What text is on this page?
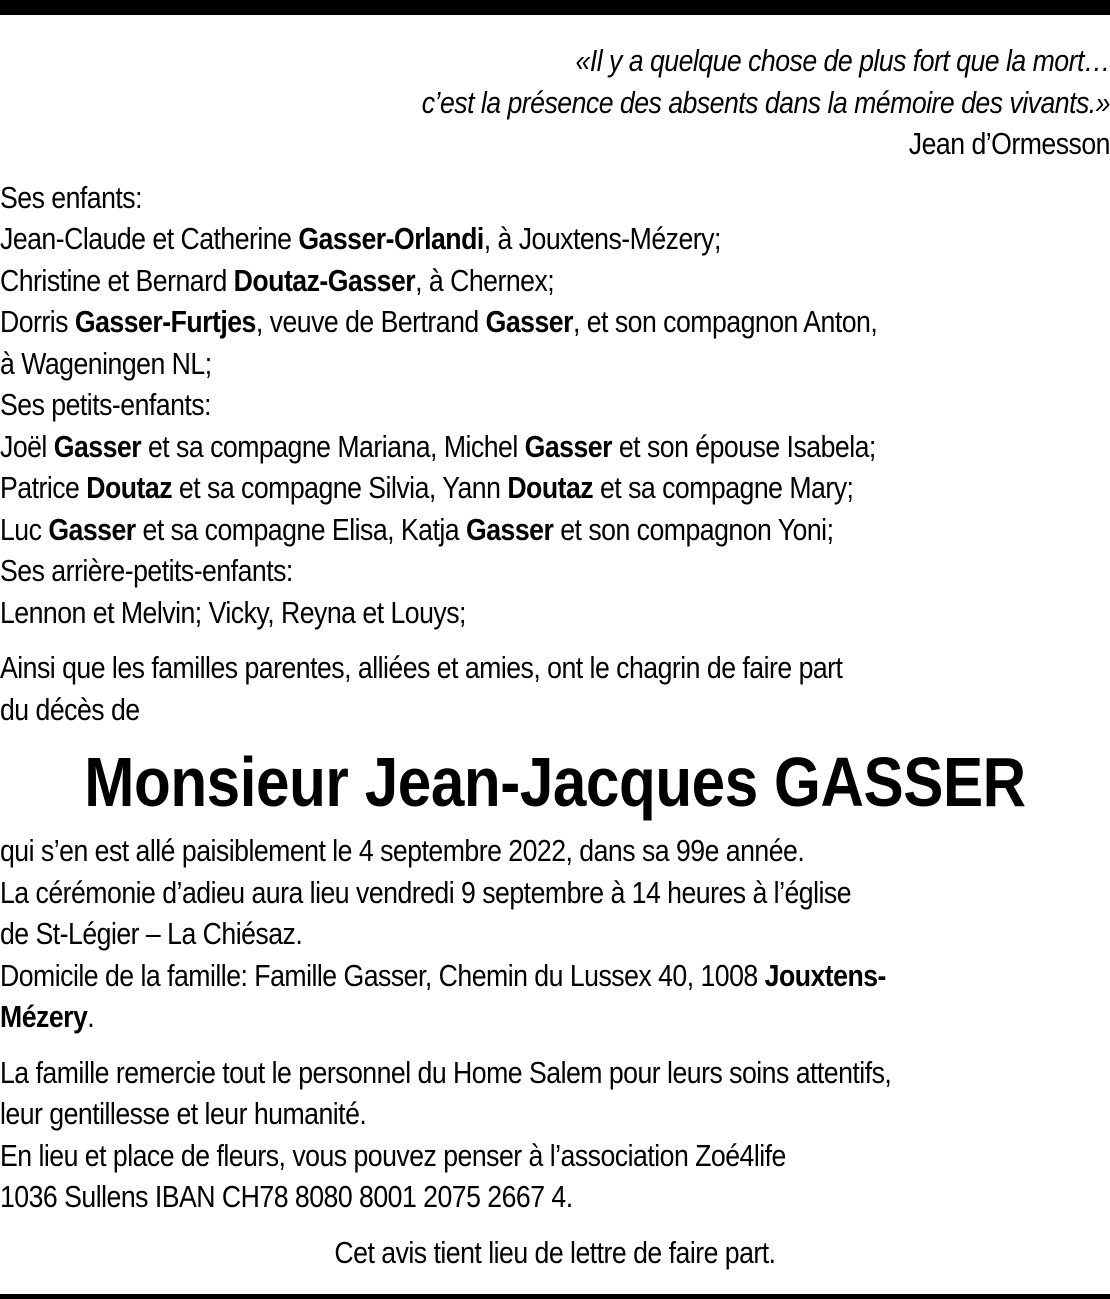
«Il y a quelque chose de plus fort que la mort…
c’est la présence des absents dans la mémoire des vivants.»
Jean d’Ormesson
Ses enfants:
Jean-Claude et Catherine Gasser-Orlandi, à Jouxtens-Mézery;
Christine et Bernard Doutaz-Gasser, à Chernex;
Dorris Gasser-Furtjes, veuve de Bertrand Gasser, et son compagnon Anton,
à Wageningen NL;
Ses petits-enfants:
Joël Gasser et sa compagne Mariana, Michel Gasser et son épouse Isabela;
Patrice Doutaz et sa compagne Silvia, Yann Doutaz et sa compagne Mary;
Luc Gasser et sa compagne Elisa, Katja Gasser et son compagnon Yoni;
Ses arrière-petits-enfants:
Lennon et Melvin; Vicky, Reyna et Louys;
Ainsi que les familles parentes, alliées et amies, ont le chagrin de faire part
du décès de
Monsieur Jean-Jacques GASSER
qui s’en est allé paisiblement le 4 septembre 2022, dans sa 99e année.
La cérémonie d’adieu aura lieu vendredi 9 septembre à 14 heures à l’église
de St-Légier – La Chiésaz.
Domicile de la famille: Famille Gasser, Chemin du Lussex 40, 1008 Jouxtens-
Mézery.
La famille remercie tout le personnel du Home Salem pour leurs soins attentifs,
leur gentillesse et leur humanité.
En lieu et place de fleurs, vous pouvez penser à l’association Zoé4life
1036 Sullens IBAN CH78 8080 8001 2075 2667 4.
Cet avis tient lieu de lettre de faire part.
